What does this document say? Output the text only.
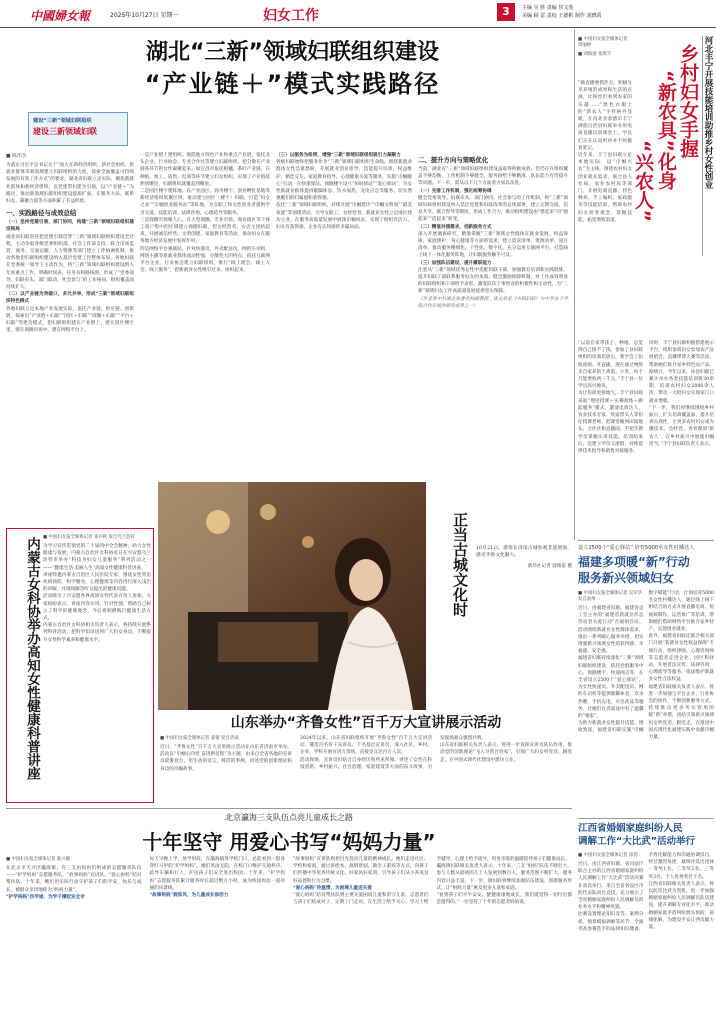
中國婦女報	2025年10月27日 星期一	妇女工作	3	主编 吴 胜 责编 侯文莲
美编 顾 雷 责校 王德彬 制作 刘晓禹
湖北“三新”领域妇联组织建设
“产业链＋”模式实践路径
建设“三新”领域妇联组织
建设三新领域妇联
■ 陈伟杰

为落实习近平总书记关于“加大在新经济组织、新社会组织、新就业群体等新领域建立妇联组织的力度，探索全面覆盖可持续发展的有效工作方式”的要求，湖北省妇联立足实际，聚焦新就业群体和新经济组织，以党建带妇建为引领，以“产业链＋”为路径，推动新领域妇联组织建设提质扩面，在服务大局、联系妇女、凝聚力量等方面积累了有益经验。

一、实践路径与成效总结
（一）坚持党建引领，部门协同，构建“三新”领域妇联组织建设格局

湖北省妇联坚持把党建引领贯穿“三新”领域妇联组织建设全过程，主动争取各级党委组织部、社会工作部支持，联合市场监管、商务、交通运输、人力资源等部门建立工作协调机制，推动各地把妇联组织建设纳入基层党建工作整体布局。各地妇联在党委统一领导下主动作为，将“三新”领域妇联组织建设纳入年度重点工作，明确时间表、任务书和路线图，形成了“党委领导、妇联牵头、部门联动、社会参与”的工作格局，组织覆盖面持续扩大。

（二）以产业链为突破口，多元并举，形成“三新”领域妇联组织特色模式

各地妇联立足本地产业发展实际，依托产业链、供应链、创新链，探索出“产业链＋妇联”“园区＋妇联”“商圈＋妇联”“平台＋妇联”等建会模式，把妇联组织建在产业链上、建在园区楼宇里、建在商圈市场中、建在网络平台上。

一是产业链上建组织。围绕地方特色产业和重点产业链，依托龙头企业、行业协会、专业合作社等建立妇联组织，把分散在产业链各环节的女性凝聚起来。如宜昌市依托柑橘、茶叶产业链，在种植、加工、销售、电商等环节建立妇女组织，实现了产业链延伸到哪里，妇联组织就覆盖到哪里。

二是园区楼宇建阵地。在产业园区、商务楼宇、创业孵化基地等新经济组织集聚区域，推动建立园区（楼宇）妇联，打造“妇女之家”“巾帼创业服务站”等阵地，为女职工和女性创业者提供学习交流、技能培训、法律咨询、心理疏导等服务。

三是商圈市场聚人心。在大型商圈、专业市场、商业街区等个体工商户集中的区域建立商圈妇联，把女经营者、女店主团结起来，开展诚信经营、文明创建、家庭教育等活动，推动妇女在服务地方经济发展中发挥作用。

四是网络平台强联结。针对快递员、外卖配送员、网约车司机、网络主播等新就业群体流动性强、分散性大的特点，依托互联网平台企业、行业协会建立妇联组织，推行“线上建会、线上入会、线上服务”，把新就业女性吸引过来、组织起来。

（三）以服务为纽带，增强“三新”领域妇联组织吸引力凝聚力

各级妇联始终把服务作为“三新”领域妇联组织生命线，围绕新就业群体女性急难愁盼，开展就业创业指导、技能提升培训、权益维护、婚恋交友、家庭教育指导、心理健康关爱等服务。实施“巾帼暖心”行动，在快递驿站、商圈楼宇设立“妈妈驿站”“爱心驿站”，为女性新就业群体提供歇脚休息、饮水加热、充电应急等服务，切实增强她们的归属感和获得感。

依托“三新”领域妇联组织，持续开展“巾帼建功”“巾帼文明岗”“最美家庭”等创建活动，引导女职工、女经营者、新就业女性立足岗位建功立业，在服务高质量发展中展现巾帼风采，实现了组织有活力、妇女有获得感、企业有认同感的多赢局面。

二、提升方向与策略优化

当前，湖北省“三新”领域妇联组织建设虽取得积极成效，但仍存在组织覆盖不够均衡、工作机制不够健全、服务供给不够精准、队伍能力有待提升等问题。下一步，需从以下几个方面着力加以改进。

（一）完善工作机制，强化统筹协调

健全党委领导、妇联牵头、部门协同、社会参与的工作机制，将“三新”领域妇联组织建设纳入基层党建和妇联改革的总体部署，建立定期会商、信息共享、联合督导等制度，形成工作合力，推动组织建设由“建起来”向“强起来”“活起来”转变。

（二）精准对接需求，创新服务方式

深入开展调查研究，精准掌握“三新”领域女性群体在就业发展、权益保障、家庭照护、身心健康等方面的需求，建立需求清单、资源清单、项目清单，推动服务精细化、个性化、数字化。充分运用互联网平台，打造线上线下一体化服务阵地，让妇联服务触手可及。

（三）加强队伍建设，提升履职能力

注重从“三新”领域优秀女性中选配妇联干部，加强教育培训和实践锻炼，提升妇联干部联系服务妇女的本领。健全激励保障机制，对工作成效明显的妇联组织和干部给予表彰，激发队伍干事创业的积极性和主动性，为“三新”领域妇女工作高质量发展提供坚实保障。

（作者系中共湖北省委党校副教授。该文章是《中国妇联》与中华女子学院合作开展的研究成果之一）

河北丰宁开展技能培训助推乡村女性创业
乡村妇女手握
“新农具”化身
“兴农人”
■ 中国妇女报全媒体记者 周丽婷
■ 刘海波 张琪丰

“做直播要抓热点，积极分享养殖的成果和生活的点滴，让粉丝们看到农家的乐趣……”黑色衣服上的“新农人”字样格外显眼，在河北省承德市丰宁满族自治县妇联举办的电商直播培训课堂上，学员们正在认真听讲并不时做着笔记。

近年来，丰宁县妇联立足本地实际，以“巾帼兴农”为主线，围绕农村妇女创业就业需求，联合县人社局、农业农村局等部门，开展电商直播、特色种养、手工编织、家政服务等技能培训，帮助农村妇女转变观念、掌握技能、拓宽增收渠道。

“以前在家带孩子、种地，总觉得自己挣不了钱。参加了县妇联组织的电商培训后，我学会了拍短视频、开直播，现在通过网络卖自家养的土鸡蛋、小米，每个月能增收两三千元。”丰宁县一位学员高兴地说。

为让培训更接地气，丰宁县妇联采取“理论授课＋实操演练＋跟踪服务”模式，邀请电商达人、农业技术专家、致富带头人等担任授课老师，把课堂搬到田间地头、合作社和直播间，手把手教学员掌握实用技能。培训结束后，还建立学员交流群，持续提供技术指导和销售对接服务。

同时，丰宁县妇联积极搭建展示平台，组织参训妇女参加农产品展销会、直播带货大赛等活动，帮助她们推介家乡特色农产品。据统计，今年以来，该县妇联已累计举办各类技能培训班30余期，培训农村妇女2000余人次，带动一大批妇女实现家门口就业增收。

“下一步，我们将继续围绕乡村振兴，扩大培训覆盖面，提升培训实效性，让更多农村妇女成为懂技术、会经营、善管理的‘新农人’，在乡村振兴中展现巾帼担当。”丰宁县妇联负责人表示。

内蒙古女科协举办高知女性健康科普讲座 ■ 中国妇女报全媒体记者 张亦秋 发自乌兰浩特

为学习宣传贯彻党的二十届四中全会精神，助力女性健康与发展，内蒙古自治区女科协近日在兴安盟乌兰浩特市举办“科技为妇女儿童服务”系列活动之一——“健康生活·美丽人生”高知女性健康科普讲座。

讲座特邀内蒙古自治区人民医院专家，围绕女性常见疾病预防、科学膳食、心理健康等内容进行深入浅出的讲解，并现场解答听众提出的健康问题。

活动吸引了兴安盟各界高知女性代表百余人参加。大家纷纷表示，讲座内容实用、针对性强，帮助自己树立了科学的健康观念，今后将积极践行健康生活方式。

内蒙古自治区女科协相关负责人表示，将持续开展系列科普活动，把科学知识送到广大妇女身边，不断提升女性科学素养和健康水平。

正当古城文化时 10月21日，游客在济南古城参观非遗展演，感受齐鲁文化魅力。

新华社记者 郭绪雷 摄

山东举办“齐鲁女性”百千万大宣讲展示活动
■ 中国妇女报全媒体记者 姜蕾 发自济南

近日，“齐鲁女性”百千万大宣讲展示活动在山东省济南市举办。活动以“巾帼心向党 奋进新征程”为主题，由来自全省各地的宣讲员轮番登台，用生动的语言、鲜活的事例，讲述党的创新理论和身边的巾帼故事。

2024年以来，山东省妇联组织开展“齐鲁女性”百千万大宣讲活动，遴选百名骨干宣讲员、千名基层宣讲员，深入社区、乡村、企业、学校开展宣讲万余场，直接受众达百万人次。

活动现场，宣讲员们结合自身经历和所见所闻，讲述了女性在科技创新、乡村振兴、社会治理、家庭建设等方面的奋斗故事，引发现场观众强烈共鸣。

山东省妇联相关负责人表示，将进一步发挥宣讲员队伍作用，推动党的创新理论“飞入寻常百姓家”，引领广大妇女听党话、跟党走，在中国式现代化建设中建功立业。

设立2500个“爱心驿站” 培育5000名女性村播达人
福建多项暖“新”行动
服务新兴领域妇女
■ 中国妇女报全媒体记者 吴军华 发自福州

近日，由福建省妇联、福建省总工会主办的“福建省新就业形态劳动者关爱行动”在福州启动。活动围绕新就业女性群体需求，推出一系列暖心服务举措，切实增强新兴领域女性的获得感、幸福感、安全感。

福建省妇联持续深化“三新”领域妇联组织建设，依托党群服务中心、商圈楼宇、快递网点等，在全省设立2500个“爱心驿站”，为女性快递员、外卖配送员、网约车司机等提供歇脚休息、饮水热餐、手机充电、应急药品等服务，让她们在奔波途中有了温馨的“娘家”。

为助力新就业女性提升技能、增收致富，福建省妇联实施“巾帼数字赋能”行动，计划培育5000名女性村播达人，通过线上线下相结合的方式开展直播电商、短视频制作、运营推广等培训，帮助她们借助网络平台推介家乡特产、实现创业就业。

此外，福建省妇联还联合相关部门开展“新就业女性权益保障”专项行动，组织律师、心理咨询师等志愿者走进企业、园区和驿站，开展普法宣传、法律咨询、心理疏导等服务，依法维护新就业女性合法权益。

福建省妇联相关负责人表示，将进一步加强与平台企业、行业协会的协作，不断创新服务方式，持续推出更多务实管用的暖“新”举措，团结引领新兴领域妇女听党话、跟党走，在推进中国式现代化福建实践中贡献巾帼力量。

北京瀛海三支队伍点亮儿童成长之路
十年坚守 用爱心书写“妈妈力量”
■ 中国妇女报全媒体记者 耿兴敏

在北京市大兴区瀛海镇，有三支由妈妈们组成的志愿服务队伍——“护学妈妈”志愿服务队、“故事妈妈”宣讲队、“爱心妈妈”结对帮扶队。十年来，她们用实际行动守护孩子们的平安、快乐与成长，被群众亲切地称为“妈妈力量”。

“护学妈妈”伤学途，为学子撑起安全伞

每天早晚上学、放学时段，在瀛海镇各学校门口，总能看到一群身穿红马甲的“护学妈妈”。她们风雨无阻，在校门口维护交通秩序、疏导车辆和行人，护送孩子们安全进出校园。十年来，“护学妈妈”志愿服务队累计服务时长超过数万小时，成为校园周边一道亮丽的风景线。

“故事妈妈”润家风，为儿童成长添活力

“故事妈妈”宣讲队则把目光投向儿童的精神成长。她们走进社区、学校和家庭，通过讲绘本、演情景剧、做亲子游戏等方式，向孩子们传播中华优秀传统文化、好家风好家训，引导孩子们从小养成良好品德和行为习惯。

“爱心妈妈”传温情，为困境儿童送关爱

“爱心妈妈”结对帮扶队则主要关爱困境儿童和留守儿童。志愿者们与孩子们结成对子，定期上门走访，在生活上给予关心、学习上给予辅导、心理上给予疏导，用母亲般的温暖陪伴孩子们健康成长。

瀛海镇妇联相关负责人表示，十年来，三支“妈妈”队伍不断壮大，参与人数从最初的几十人发展到数百人，服务范围不断扩大，服务内容日益丰富。下一步，镇妇联将继续加强队伍建设，创新服务形式，让“妈妈力量”惠及更多儿童和家庭。

“看到孩子们平平安安、健健康康地成长，我们就觉得一切付出都是值得的。”一位坚持了十年的志愿者妈妈说。

江西省婚姻家庭纠纷人民
调解工作“大比武”活动举行
■ 中国妇女报全媒体记者 徐滔

近日，由江西省妇联、省司法厅联合主办的江西省婚姻家庭纠纷人民调解工作“大比武”活动决赛在南昌举行。来自全省各设区市的代表队同台竞技，充分展示了全省婚姻家庭纠纷人民调解员的业务水平和精神风貌。

比赛设置理论知识竞答、案例分析、情景模拟调解等环节，全面考查参赛选手的法律知识储备、矛盾化解能力和沟通协调技巧。经过激烈角逐，最终评选出团体一等奖1名、二等奖2名、三等奖3名，个人优秀奖若干名。

江西省妇联相关负责人表示，将以此次比武为契机，进一步加强婚姻家庭纠纷人民调解员队伍建设，提升调解专业化水平，推动婚姻家庭矛盾纠纷源头预防、前端化解，为建设平安江西贡献力量。
